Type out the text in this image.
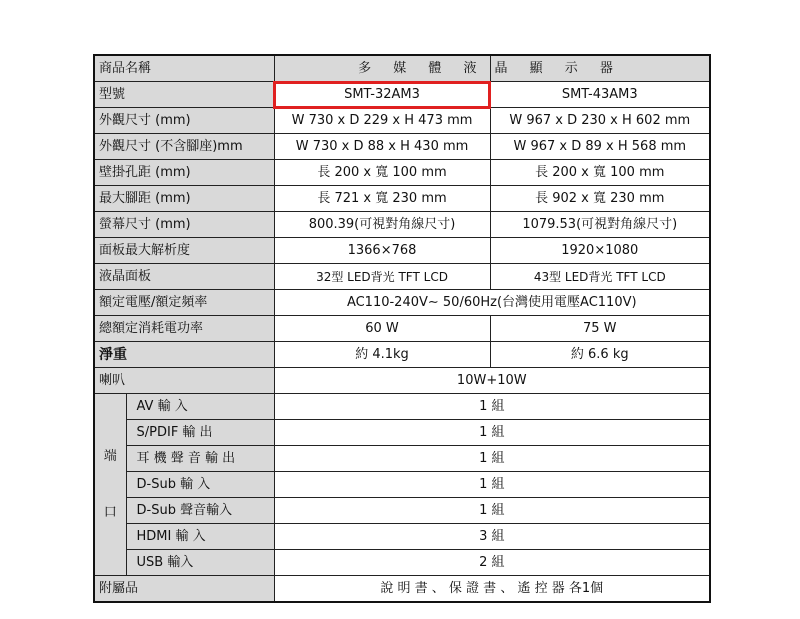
商品名稱		多 媒 體 液	晶 顯 示 器
型號		SMT-32AM3	SMT-43AM3
外觀尺寸 (mm)		W 730 x D 229 x H 473 mm	W 967 x D 230 x H 602 mm
外觀尺寸 (不含腳座)mm		W 730 x D 88 x H 430 mm	W 967 x D 89 x H 568 mm
壁掛孔距 (mm)		長 200 x 寬 100 mm	長 200 x 寬 100 mm
最大腳距 (mm)		長 721 x 寬 230 mm	長 902 x 寬 230 mm
螢幕尺寸 (mm)		800.39(可視對角線尺寸)	1079.53(可視對角線尺寸)
面板最大解析度		1366×768	1920×1080
液晶面板		32型 LED背光 TFT LCD	43型 LED背光 TFT LCD
額定電壓/額定頻率		AC110-240V∼ 50/60Hz(台灣使用電壓AC110V)	
總額定消耗電功率		60 W	75 W
淨重		約 4.1kg	約 6.6 kg
喇叭		10W+10W	

端
口	AV 輸 入	1 組	
	S/PDIF 輸 出	1 組	
	耳 機 聲 音 輸 出	1 組	
	D-Sub 輸 入	1 組	
	D-Sub 聲音輸入	1 組	
	HDMI 輸 入	3 組	
	USB 輸入	2 組	
附屬品		說 明 書 、 保 證 書 、 遙 控 器 各1個	
